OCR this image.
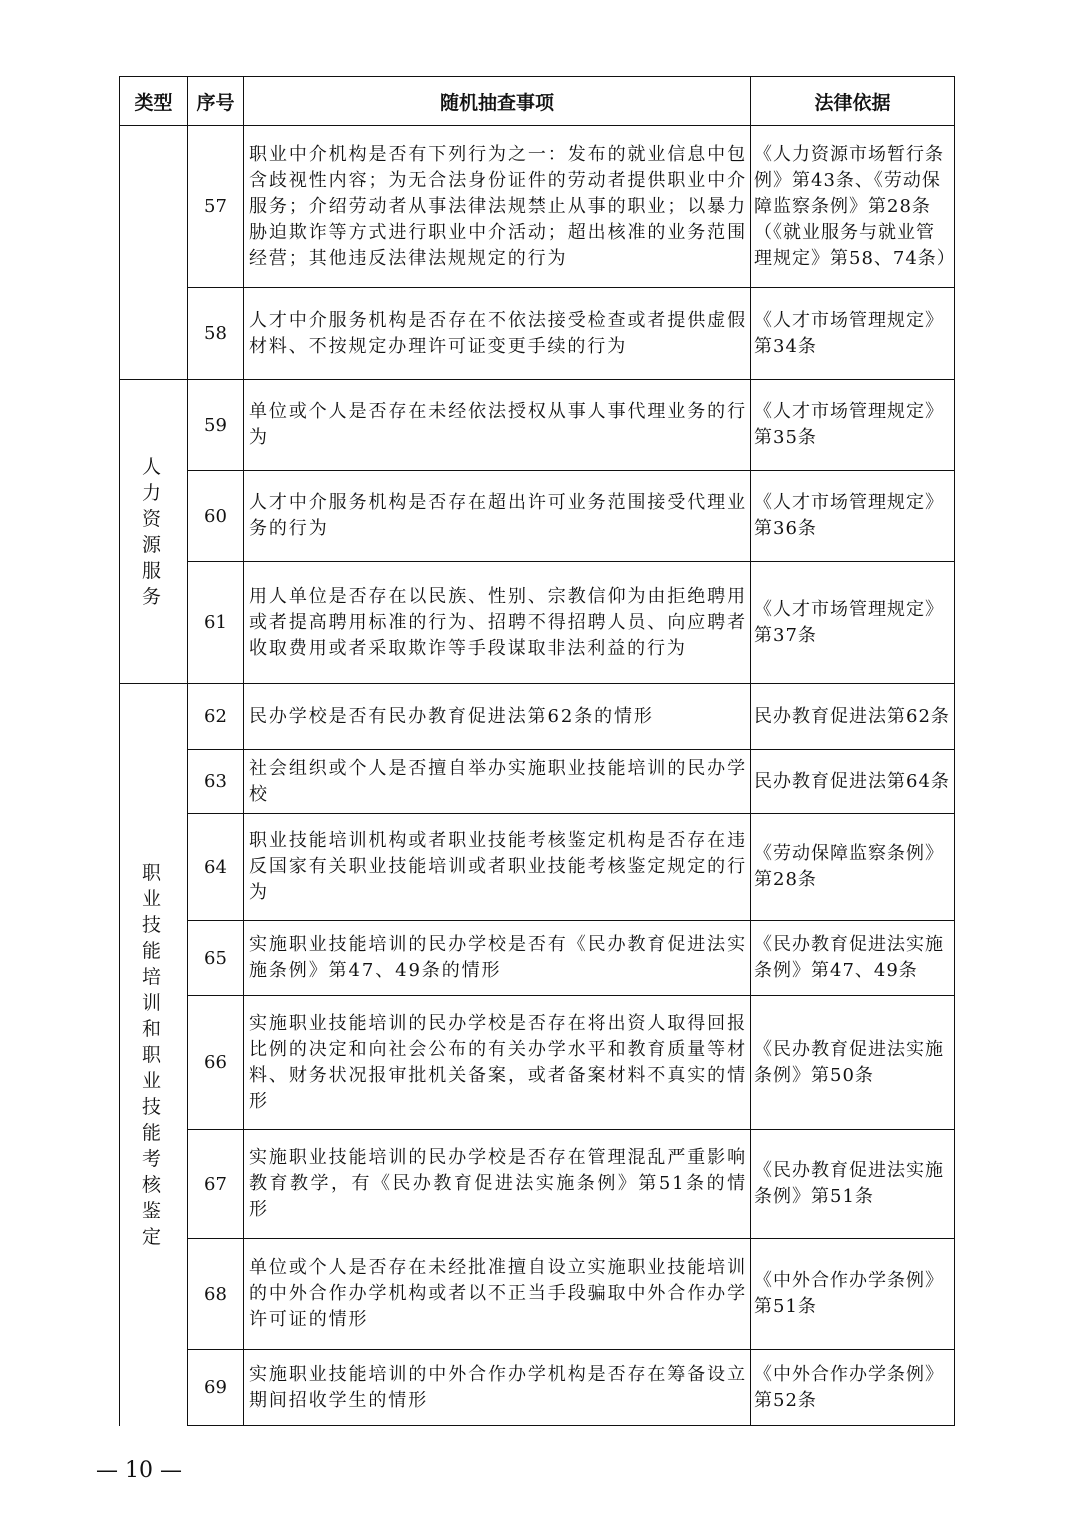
类型	序号	随机抽查事项	法律依据
	57	职业中介机构是否有下列行为之一：发布的就业信息中包含歧视性内容；为无合法身份证件的劳动者提供职业中介服务；介绍劳动者从事法律法规禁止从事的职业；以暴力胁迫欺诈等方式进行职业中介活动；超出核准的业务范围经营；其他违反法律法规规定的行为	《人力资源市场暂行条例》第43条、《劳动保障监察条例》第28条（《就业服务与就业管理规定》第58、74条）
	58	人才中介服务机构是否存在不依法接受检查或者提供虚假材料、不按规定办理许可证变更手续的行为	《人才市场管理规定》第34条
人力资源服务	59	单位或个人是否存在未经依法授权从事人事代理业务的行为	《人才市场管理规定》第35条
	60	人才中介服务机构是否存在超出许可业务范围接受代理业务的行为	《人才市场管理规定》第36条
	61	用人单位是否存在以民族、性别、宗教信仰为由拒绝聘用或者提高聘用标准的行为、招聘不得招聘人员、向应聘者收取费用或者采取欺诈等手段谋取非法利益的行为	《人才市场管理规定》第37条
职业技能培训和职业技能考核鉴定	62	民办学校是否有民办教育促进法第62条的情形	民办教育促进法第62条
	63	社会组织或个人是否擅自举办实施职业技能培训的民办学校	民办教育促进法第64条
	64	职业技能培训机构或者职业技能考核鉴定机构是否存在违反国家有关职业技能培训或者职业技能考核鉴定规定的行为	《劳动保障监察条例》第28条
	65	实施职业技能培训的民办学校是否有《民办教育促进法实施条例》第47、49条的情形	《民办教育促进法实施条例》第47、49条
	66	实施职业技能培训的民办学校是否存在将出资人取得回报比例的决定和向社会公布的有关办学水平和教育质量等材料、财务状况报审批机关备案，或者备案材料不真实的情形	《民办教育促进法实施条例》第50条
	67	实施职业技能培训的民办学校是否存在管理混乱严重影响教育教学，有《民办教育促进法实施条例》第51条的情形	《民办教育促进法实施条例》第51条
	68	单位或个人是否存在未经批准擅自设立实施职业技能培训的中外合作办学机构或者以不正当手段骗取中外合作办学许可证的情形	《中外合作办学条例》第51条
	69	实施职业技能培训的中外合作办学机构是否存在筹备设立期间招收学生的情形	《中外合作办学条例》第52条
— 10 —
